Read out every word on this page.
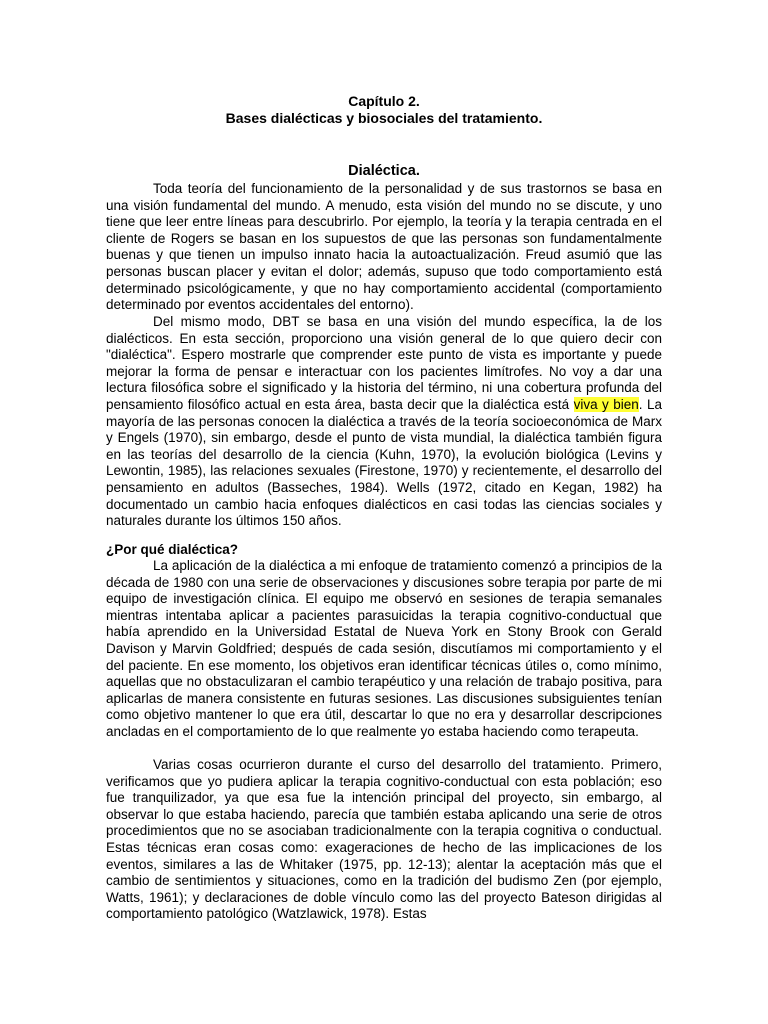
Capítulo 2.
Bases dialécticas y biosociales del tratamiento.
Dialéctica.

Toda teoría del funcionamiento de la personalidad y de sus trastornos se basa en una visión fundamental del mundo. A menudo, esta visión del mundo no se discute, y uno tiene que leer entre líneas para descubrirlo. Por ejemplo, la teoría y la terapia centrada en el cliente de Rogers se basan en los supuestos de que las personas son fundamentalmente buenas y que tienen un impulso innato hacia la autoactualización. Freud asumió que las personas buscan placer y evitan el dolor; además, supuso que todo comportamiento está determinado psicológicamente, y que no hay comportamiento accidental (comportamiento determinado por eventos accidentales del entorno).

Del mismo modo, DBT se basa en una visión del mundo específica, la de los dialécticos. En esta sección, proporciono una visión general de lo que quiero decir con "dialéctica". Espero mostrarle que comprender este punto de vista es importante y puede mejorar la forma de pensar e interactuar con los pacientes limítrofes. No voy a dar una lectura filosófica sobre el significado y la historia del término, ni una cobertura profunda del pensamiento filosófico actual en esta área, basta decir que la dialéctica está viva y bien. La mayoría de las personas conocen la dialéctica a través de la teoría socioeconómica de Marx y Engels (1970), sin embargo, desde el punto de vista mundial, la dialéctica también figura en las teorías del desarrollo de la ciencia (Kuhn, 1970), la evolución biológica (Levins y Lewontin, 1985), las relaciones sexuales (Firestone, 1970) y recientemente, el desarrollo del pensamiento en adultos (Basseches, 1984). Wells (1972, citado en Kegan, 1982) ha documentado un cambio hacia enfoques dialécticos en casi todas las ciencias sociales y naturales durante los últimos 150 años.

¿Por qué dialéctica?

La aplicación de la dialéctica a mi enfoque de tratamiento comenzó a principios de la década de 1980 con una serie de observaciones y discusiones sobre terapia por parte de mi equipo de investigación clínica. El equipo me observó en sesiones de terapia semanales mientras intentaba aplicar a pacientes parasuicidas la terapia cognitivo-conductual que había aprendido en la Universidad Estatal de Nueva York en Stony Brook con Gerald Davison y Marvin Goldfried; después de cada sesión, discutíamos mi comportamiento y el del paciente. En ese momento, los objetivos eran identificar técnicas útiles o, como mínimo, aquellas que no obstaculizaran el cambio terapéutico y una relación de trabajo positiva, para aplicarlas de manera consistente en futuras sesiones. Las discusiones subsiguientes tenían como objetivo mantener lo que era útil, descartar lo que no era y desarrollar descripciones ancladas en el comportamiento de lo que realmente yo estaba haciendo como terapeuta.

Varias cosas ocurrieron durante el curso del desarrollo del tratamiento. Primero, verificamos que yo pudiera aplicar la terapia cognitivo-conductual con esta población; eso fue tranquilizador, ya que esa fue la intención principal del proyecto, sin embargo, al observar lo que estaba haciendo, parecía que también estaba aplicando una serie de otros procedimientos que no se asociaban tradicionalmente con la terapia cognitiva o conductual. Estas técnicas eran cosas como: exageraciones de hecho de las implicaciones de los eventos, similares a las de Whitaker (1975, pp. 12-13); alentar la aceptación más que el cambio de sentimientos y situaciones, como en la tradición del budismo Zen (por ejemplo, Watts, 1961); y declaraciones de doble vínculo como las del proyecto Bateson dirigidas al comportamiento patológico (Watzlawick, 1978). Estas
